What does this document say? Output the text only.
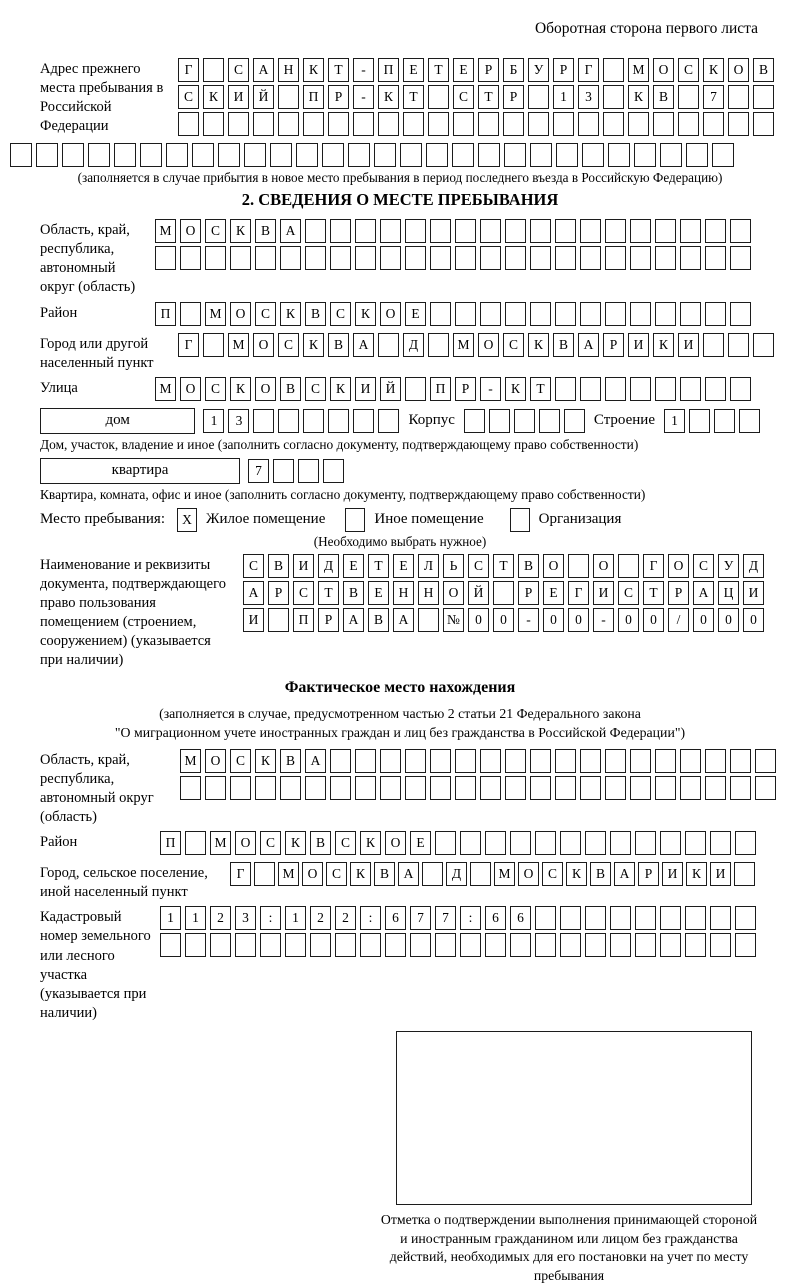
Оборотная сторона первого листа
Адрес прежнего места пребывания в Российской Федерации
Г	С	А	Н	К	Т	-	П	Е	Т	Е	Р	Б	У	Р	Г	М	О	С	К	О	В
С	К	И	Й	П	Р	-	К	Т	С	Т	Р	1	3	К	В	7
(заполняется в случае прибытия в новое место пребывания в период последнего въезда в Российскую Федерацию)
2. СВЕДЕНИЯ О МЕСТЕ ПРЕБЫВАНИЯ
Область, край, республика, автономный округ (область)
М	О	С	К	В	А
Район	П	М	О	С	К	В	С	К	О	Е
Город или другой населенный пункт
Г	М	О	С	К	В	А	Д	М	О	С	К	В	А	Р	И	К	И
Улица	М	О	С	К	О	В	С	К	И	Й	П	Р	-	К	Т
дом	1	3	Корпус	Строение	1
Дом, участок, владение и иное (заполнить согласно документу, подтверждающему право собственности)
квартира	7
Квартира, комната, офис и иное (заполнить согласно документу, подтверждающему право собственности)
Место пребывания:	X Жилое помещение	Иное помещение	Организация
(Необходимо выбрать нужное)
Наименование и реквизиты документа, подтверждающего право пользования помещением (строением, сооружением) (указывается при наличии)
С	В	И	Д	Е	Т	Е	Л	Ь	С	Т	В	О	О	Г	О	С	У	Д
А	Р	С	Т	В	Е	Н	Н	О	Й	Р	Е	Г	И	С	Т	Р	А	Ц	И
И	П	Р	А	В	А	№	0	0	-	0	0	-	0	0	/	0	0	0
Фактическое место нахождения
(заполняется в случае, предусмотренном частью 2 статьи 21 Федерального закона
"О миграционном учете иностранных граждан и лиц без гражданства в Российской Федерации")
Область, край, республика, автономный округ (область)
М	О	С	К	В	А
Район	П	М	О	С	К	В	С	К	О	Е
Город, сельское поселение, иной населенный пункт
Г	М О	С	К	В	А	Д	М О	С	К	В	А	Р	И	К	И
Кадастровый номер земельного или лесного участка (указывается при наличии)
1	1	2	3	:	1	2	2	:	6	7	7	:	6	6
Отметка о подтверждении выполнения принимающей стороной и иностранным гражданином или лицом без гражданства действий, необходимых для его постановки на учет по месту пребывания
